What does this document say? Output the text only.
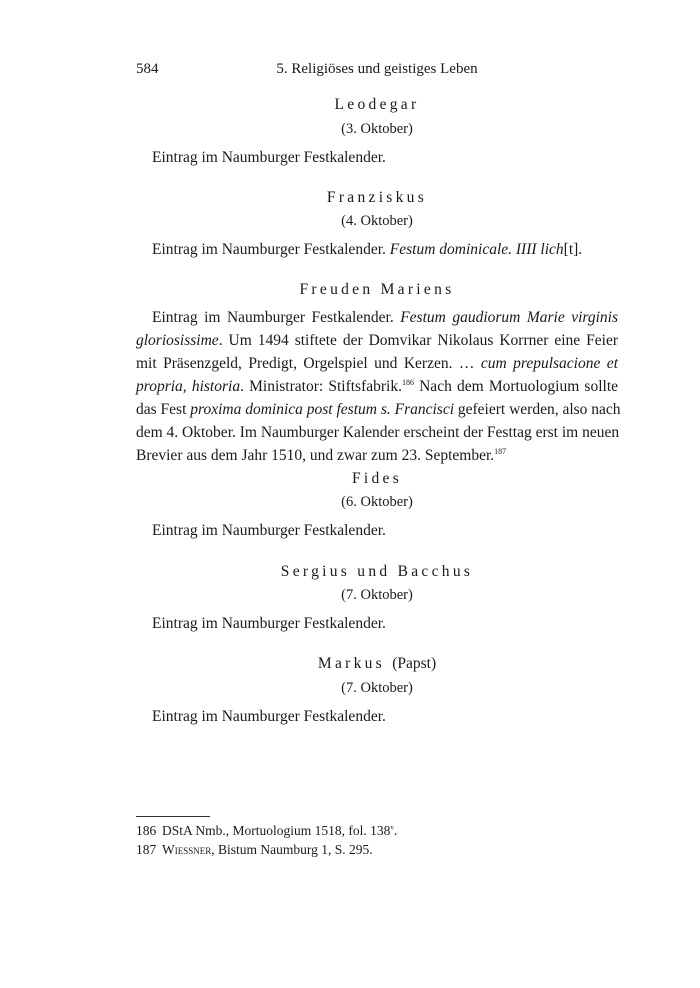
584	5. Religiöses und geistiges Leben
Leodegar
(3. Oktober)
Eintrag im Naumburger Festkalender.
Franziskus
(4. Oktober)
Eintrag im Naumburger Festkalender. Festum dominicale. IIII lich[t].
Freuden Mariens
Eintrag im Naumburger Festkalender. Festum gaudiorum Marie virginis
gloriosissime. Um 1494 stiftete der Domvikar Nikolaus Korrner eine Feier
mit Präsenzgeld, Predigt, Orgelspiel und Kerzen. … cum prepulsacione et
propria, historia. Ministrator: Stiftsfabrik.$^{186}$ Nach dem Mortuologium sollte
das Fest proxima dominica post festum s. Francisci gefeiert werden, also nach
dem 4. Oktober. Im Naumburger Kalender erscheint der Festtag erst im neuen
Brevier aus dem Jahr 1510, und zwar zum 23. September.$^{187}$
Fides
(6. Oktober)
Eintrag im Naumburger Festkalender.
Sergius und Bacchus
(7. Oktober)
Eintrag im Naumburger Festkalender.
Markus (Papst)
(7. Oktober)
Eintrag im Naumburger Festkalender.
186 DStA Nmb., Mortuologium 1518, fol. 138$^v$.
187 Wiessner, Bistum Naumburg 1, S. 295.
